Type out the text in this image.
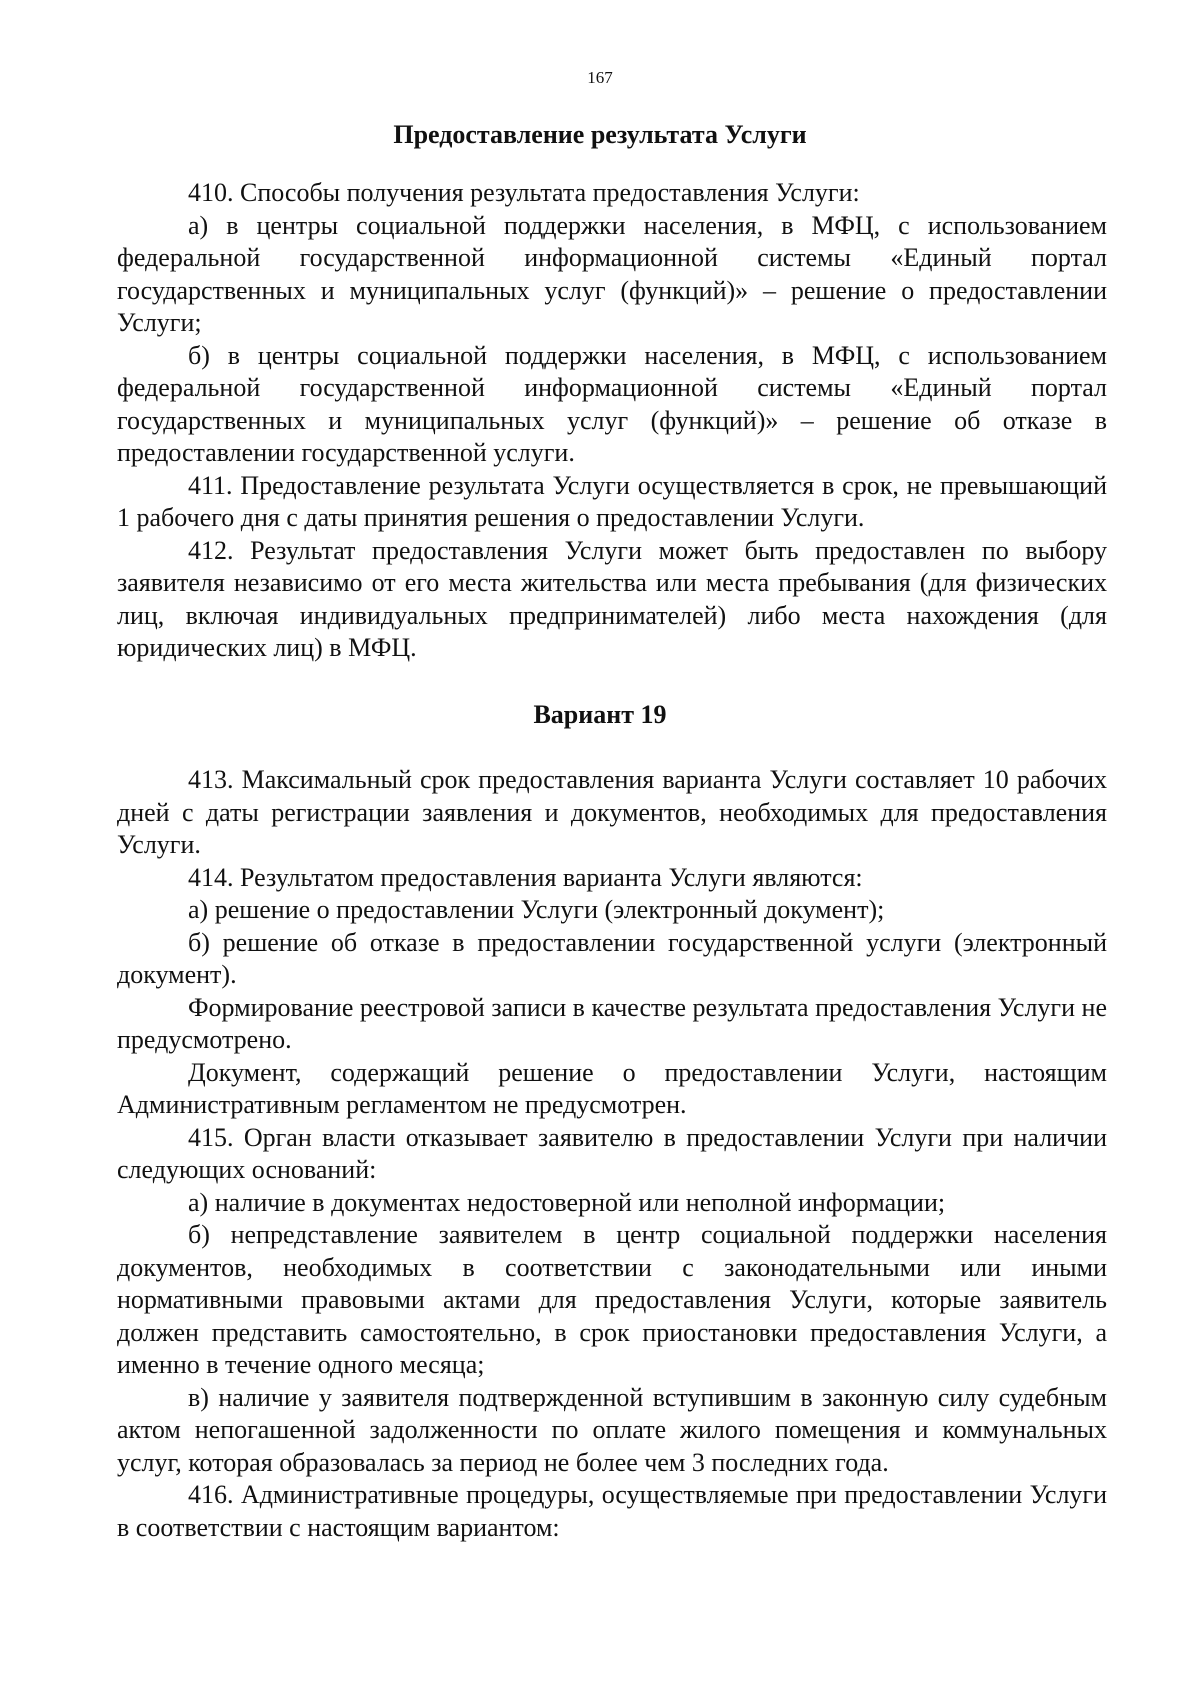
167
Предоставление результата Услуги

410. Способы получения результата предоставления Услуги:

а) в центры социальной поддержки населения, в МФЦ, с использованием федеральной государственной информационной системы «Единый портал государственных и муниципальных услуг (функций)» – решение о предоставлении Услуги;

б) в центры социальной поддержки населения, в МФЦ, с использованием федеральной государственной информационной системы «Единый портал государственных и муниципальных услуг (функций)» – решение об отказе в предоставлении государственной услуги.

411. Предоставление результата Услуги осуществляется в срок, не превышающий 1 рабочего дня с даты принятия решения о предоставлении Услуги.

412. Результат предоставления Услуги может быть предоставлен по выбору заявителя независимо от его места жительства или места пребывания (для физических лиц, включая индивидуальных предпринимателей) либо места нахождения (для юридических лиц) в МФЦ.

Вариант 19

413. Максимальный срок предоставления варианта Услуги составляет 10 рабочих дней с даты регистрации заявления и документов, необходимых для предоставления Услуги.

414. Результатом предоставления варианта Услуги являются:

а) решение о предоставлении Услуги (электронный документ);

б) решение об отказе в предоставлении государственной услуги (электронный документ).

Формирование реестровой записи в качестве результата предоставления Услуги не предусмотрено.

Документ, содержащий решение о предоставлении Услуги, настоящим Административным регламентом не предусмотрен.

415. Орган власти отказывает заявителю в предоставлении Услуги при наличии следующих оснований:

а) наличие в документах недостоверной или неполной информации;

б) непредставление заявителем в центр социальной поддержки населения документов, необходимых в соответствии с законодательными или иными нормативными правовыми актами для предоставления Услуги, которые заявитель должен представить самостоятельно, в срок приостановки предоставления Услуги, а именно в течение одного месяца;

в) наличие у заявителя подтвержденной вступившим в законную силу судебным актом непогашенной задолженности по оплате жилого помещения и коммунальных услуг, которая образовалась за период не более чем 3 последних года.

416. Административные процедуры, осуществляемые при предоставлении Услуги в соответствии с настоящим вариантом:
